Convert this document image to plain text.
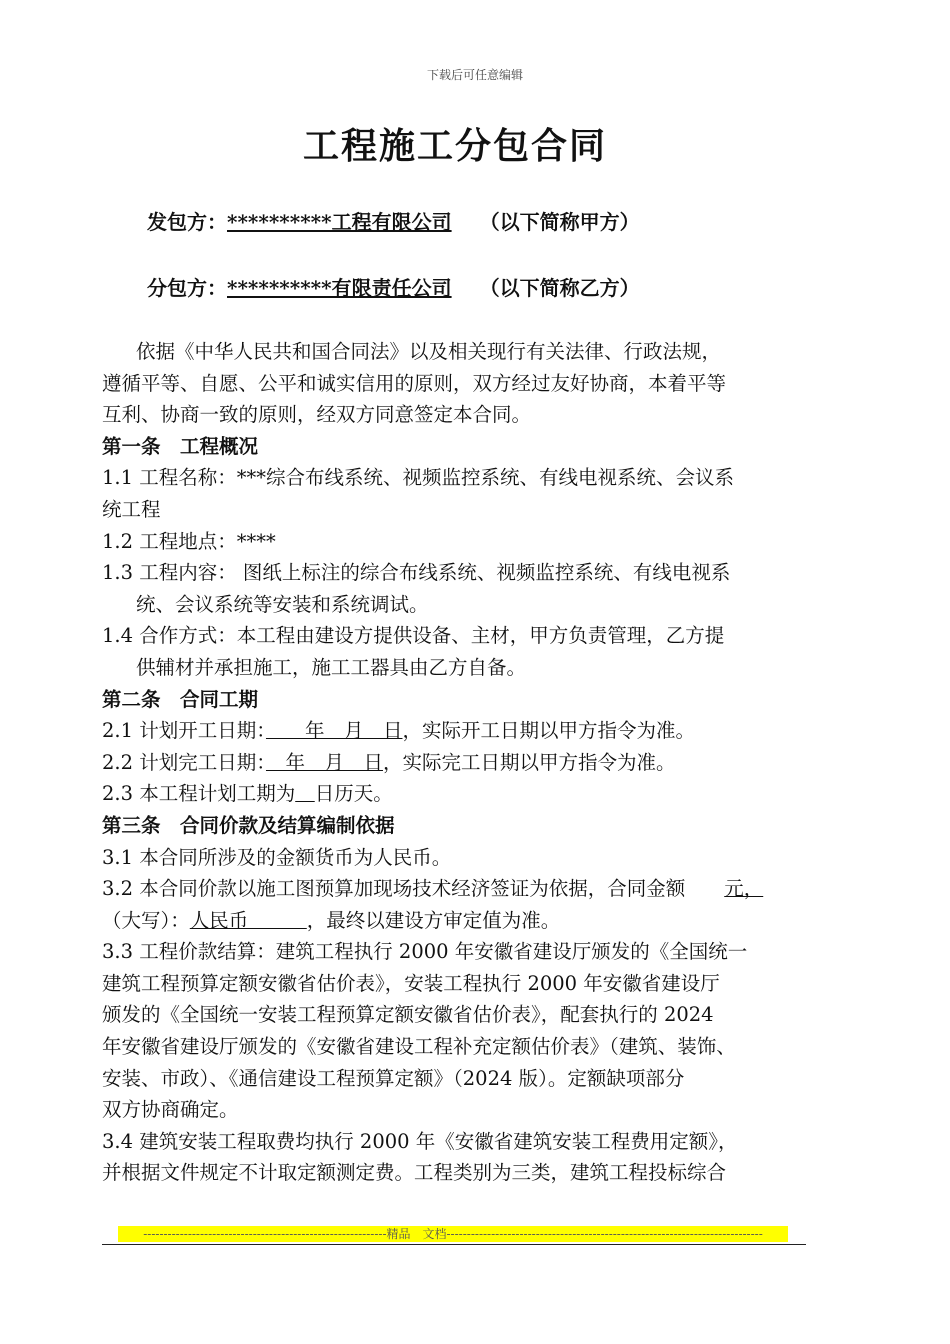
下载后可任意编辑
工程施工分包合同
发包方：**********工程有限公司 （以下简称甲方）
分包方：**********有限责任公司 （以下简称乙方）
依据《中华人民共和国合同法》以及相关现行有关法律、行政法规，
遵循平等、自愿、公平和诚实信用的原则，双方经过友好协商，本着平等
互利、协商一致的原则，经双方同意签定本合同。
第一条　工程概况
1.1 工程名称：***综合布线系统、视频监控系统、有线电视系统、会议系
统工程
1.2 工程地点：****
1.3 工程内容： 图纸上标注的综合布线系统、视频监控系统、有线电视系
统、会议系统等安装和系统调试。
1.4 合作方式：本工程由建设方提供设备、主材，甲方负责管理，乙方提
供辅材并承担施工，施工工器具由乙方自备。
第二条　合同工期
2.1 计划开工日期：　　年　月　日，实际开工日期以甲方指令为准。
2.2 计划完工日期：　年　月　日，实际完工日期以甲方指令为准。
2.3 本工程计划工期为　 日历天。
第三条　合同价款及结算编制依据
3.1 本合同所涉及的金额货币为人民币。
3.2 本合同价款以施工图预算加现场技术经济签证为依据，合同金额　　元，
（大写）：人民币　　　，最终以建设方审定值为准。
3.3 工程价款结算：建筑工程执行 2000 年安徽省建设厅颁发的《全国统一
建筑工程预算定额安徽省估价表》，安装工程执行 2000 年安徽省建设厅
颁发的《全国统一安装工程预算定额安徽省估价表》，配套执行的 2024
年安徽省建设厅颁发的《安徽省建设工程补充定额估价表》（建筑、装饰、
安装、市政）、《通信建设工程预算定额》（2024 版）。定额缺项部分
双方协商确定。
3.4 建筑安装工程取费均执行 2000 年《安徽省建筑安装工程费用定额》，
并根据文件规定不计取定额测定费。工程类别为三类，建筑工程投标综合
------------------------------------------------------------精品　文档------------------------------------------------------------------------------
